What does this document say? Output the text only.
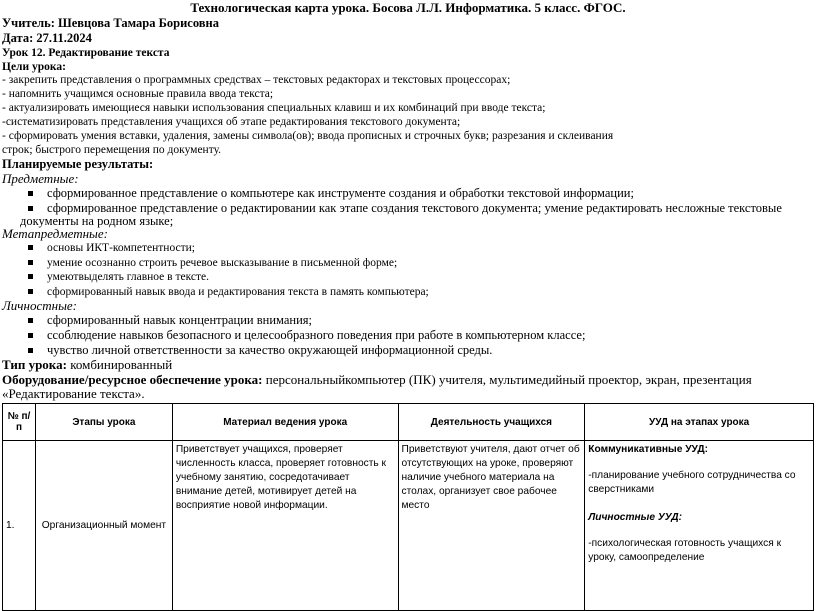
Технологическая карта урока. Босова Л.Л. Информатика. 5 класс. ФГОС.
Учитель: Шевцова Тамара Борисовна
Дата: 27.11.2024
Урок 12. Редактирование текста
Цели урока:
- закрепить представления о программных средствах – текстовых редакторах и текстовых процессорах;
- напомнить учащимся основные правила ввода текста;
- актуализировать имеющиеся навыки использования специальных клавиш и их комбинаций при вводе текста;
-систематизировать представления учащихся об этапе редактирования текстового документа;
- сформировать умения вставки, удаления, замены символа(ов); ввода прописных и строчных букв; разрезания и склеивания
строк; быстрого перемещения по документу.
Планируемые результаты:
Предметные:
сформированное представление о компьютере как инструменте создания и обработки текстовой информации;
сформированное представление о редактировании как этапе создания текстового документа; умение редактировать несложные текстовые
документы на родном языке;
Метапредметные:
основы ИКТ-компетентности;
умение осознанно строить речевое высказывание в письменной форме;
умеютвыделять главное в тексте.
сформированный навык ввода и редактирования текста в память компьютера;
Личностные:
сформированный навык концентрации внимания;
ссоблюдение навыков безопасного и целесообразного поведения при работе в компьютерном классе;
чувство личной ответственности за качество окружающей информационной среды.
Тип урока: комбинированный
Оборудование/ресурсное обеспечение урока: персональныйкомпьютер (ПК) учителя, мультимедийный проектор, экран, презентация
«Редактирование текста».
№ п/п	Этапы урока	Материал ведения урока	Деятельность учащихся	УУД на этапах урока
1.	Организационный момент	Приветствует учащихся, проверяет численность класса, проверяет готовность к учебному занятию, сосредотачивает внимание детей, мотивирует детей на восприятие новой информации.	Приветствуют учителя, дают отчет об отсутствующих на уроке, проверяют наличие учебного материала на столах, организует свое рабочее место	Коммуникативные УУД:
-планирование учебного сотрудничества со сверстниками
Личностные УУД:
-психологическая готовность учащихся к уроку, самоопределение
